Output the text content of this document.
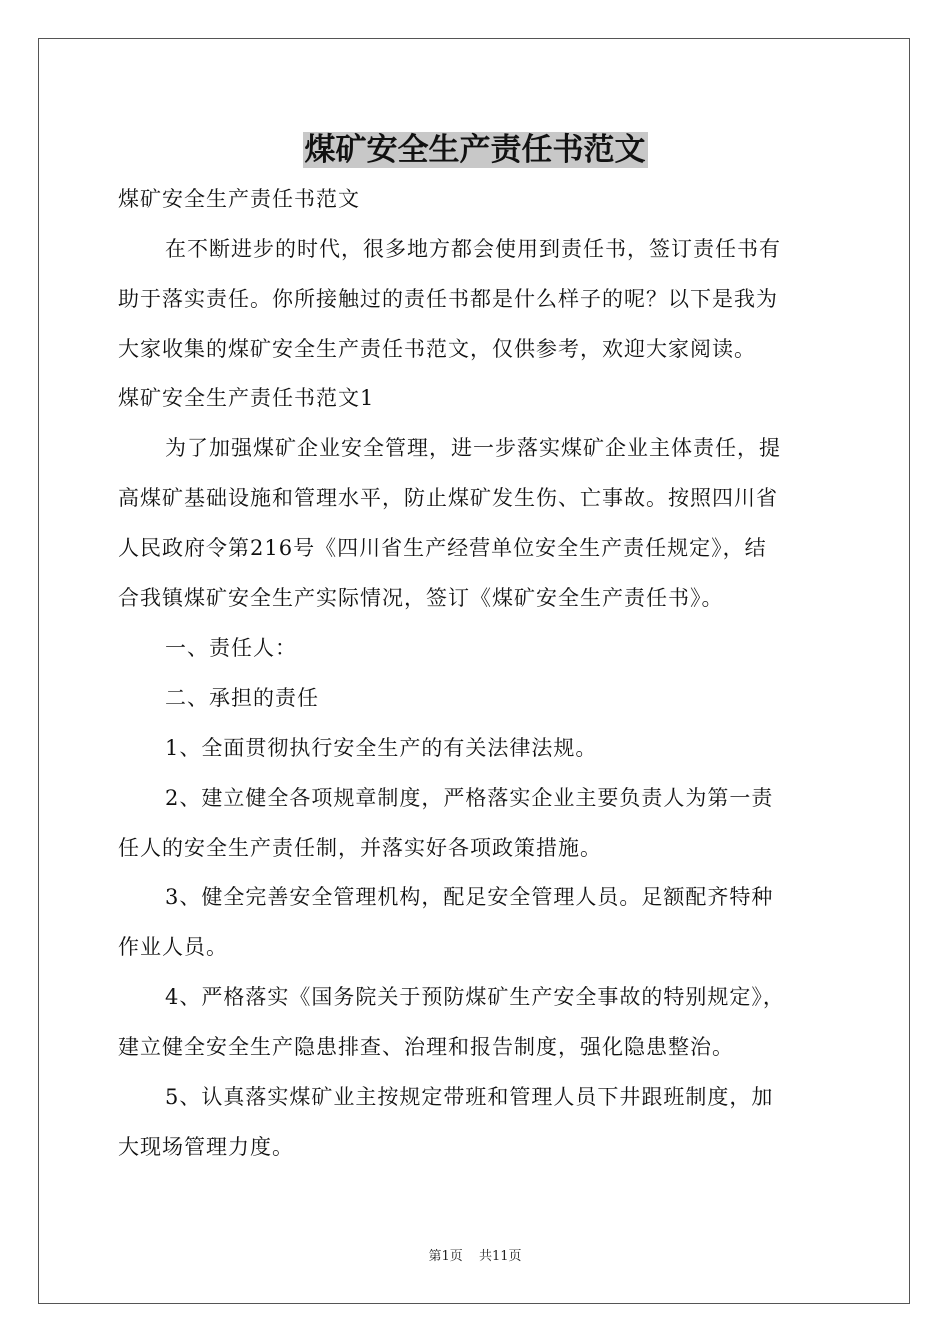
煤矿安全生产责任书范文

煤矿安全生产责任书范文

在不断进步的时代，很多地方都会使用到责任书，签订责任书有

助于落实责任。你所接触过的责任书都是什么样子的呢？以下是我为

大家收集的煤矿安全生产责任书范文，仅供参考，欢迎大家阅读。

煤矿安全生产责任书范文1

为了加强煤矿企业安全管理，进一步落实煤矿企业主体责任，提

高煤矿基础设施和管理水平，防止煤矿发生伤、亡事故。按照四川省

人民政府令第216号《四川省生产经营单位安全生产责任规定》，结

合我镇煤矿安全生产实际情况，签订《煤矿安全生产责任书》。

一、责任人：

二、承担的责任

1、全面贯彻执行安全生产的有关法律法规。

2、建立健全各项规章制度，严格落实企业主要负责人为第一责

任人的安全生产责任制，并落实好各项政策措施。

3、健全完善安全管理机构，配足安全管理人员。足额配齐特种

作业人员。

4、严格落实《国务院关于预防煤矿生产安全事故的特别规定》，

建立健全安全生产隐患排查、治理和报告制度，强化隐患整治。

5、认真落实煤矿业主按规定带班和管理人员下井跟班制度，加

大现场管理力度。

第1页 共11页
